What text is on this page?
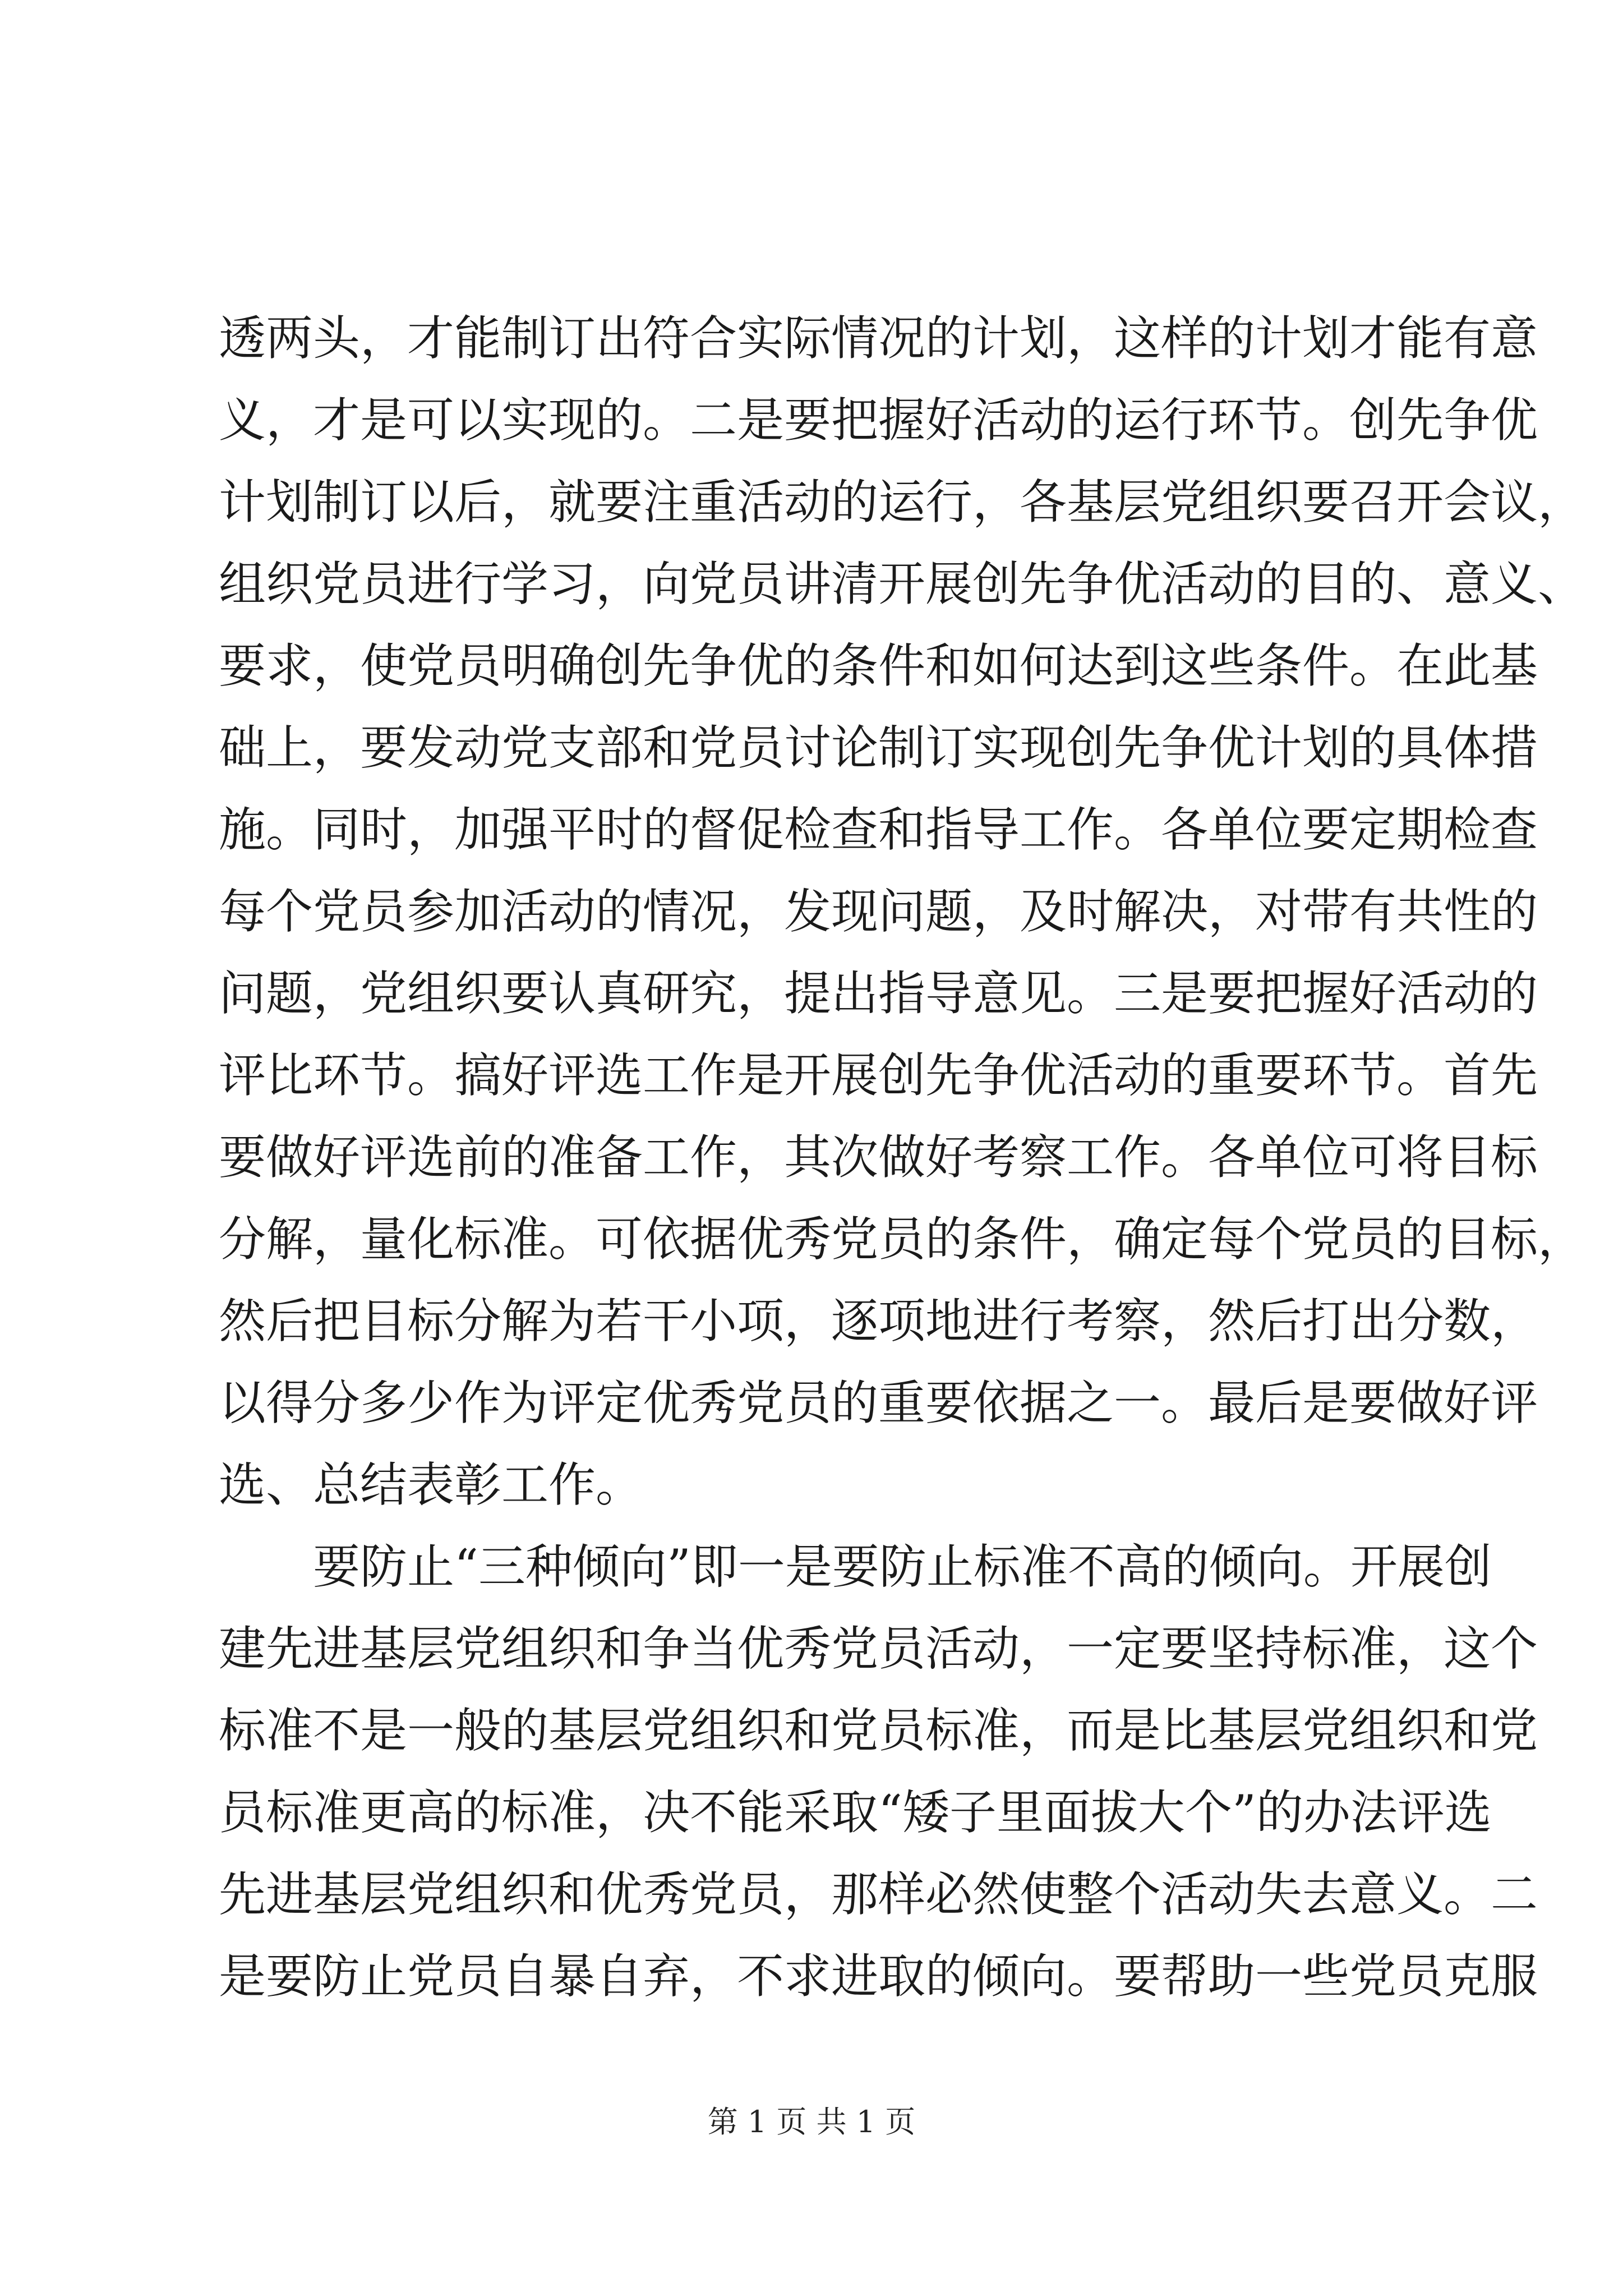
透两头，才能制订出符合实际情况的计划，这样的计划才能有意
义，才是可以实现的。二是要把握好活动的运行环节。创先争优
计划制订以后，就要注重活动的运行，各基层党组织要召开会议，
组织党员进行学习，向党员讲清开展创先争优活动的目的、意义、
要求，使党员明确创先争优的条件和如何达到这些条件。在此基
础上，要发动党支部和党员讨论制订实现创先争优计划的具体措
施。同时，加强平时的督促检查和指导工作。各单位要定期检查
每个党员参加活动的情况，发现问题，及时解决，对带有共性的
问题，党组织要认真研究，提出指导意见。三是要把握好活动的
评比环节。搞好评选工作是开展创先争优活动的重要环节。首先
要做好评选前的准备工作，其次做好考察工作。各单位可将目标
分解，量化标准。可依据优秀党员的条件，确定每个党员的目标，
然后把目标分解为若干小项，逐项地进行考察，然后打出分数，
以得分多少作为评定优秀党员的重要依据之一。最后是要做好评
选、总结表彰工作。
要防止“三种倾向”即一是要防止标准不高的倾向。开展创
建先进基层党组织和争当优秀党员活动，一定要坚持标准，这个
标准不是一般的基层党组织和党员标准，而是比基层党组织和党
员标准更高的标准，决不能采取“矮子里面拔大个”的办法评选
先进基层党组织和优秀党员，那样必然使整个活动失去意义。二
是要防止党员自暴自弃，不求进取的倾向。要帮助一些党员克服
第 1 页 共 1 页
